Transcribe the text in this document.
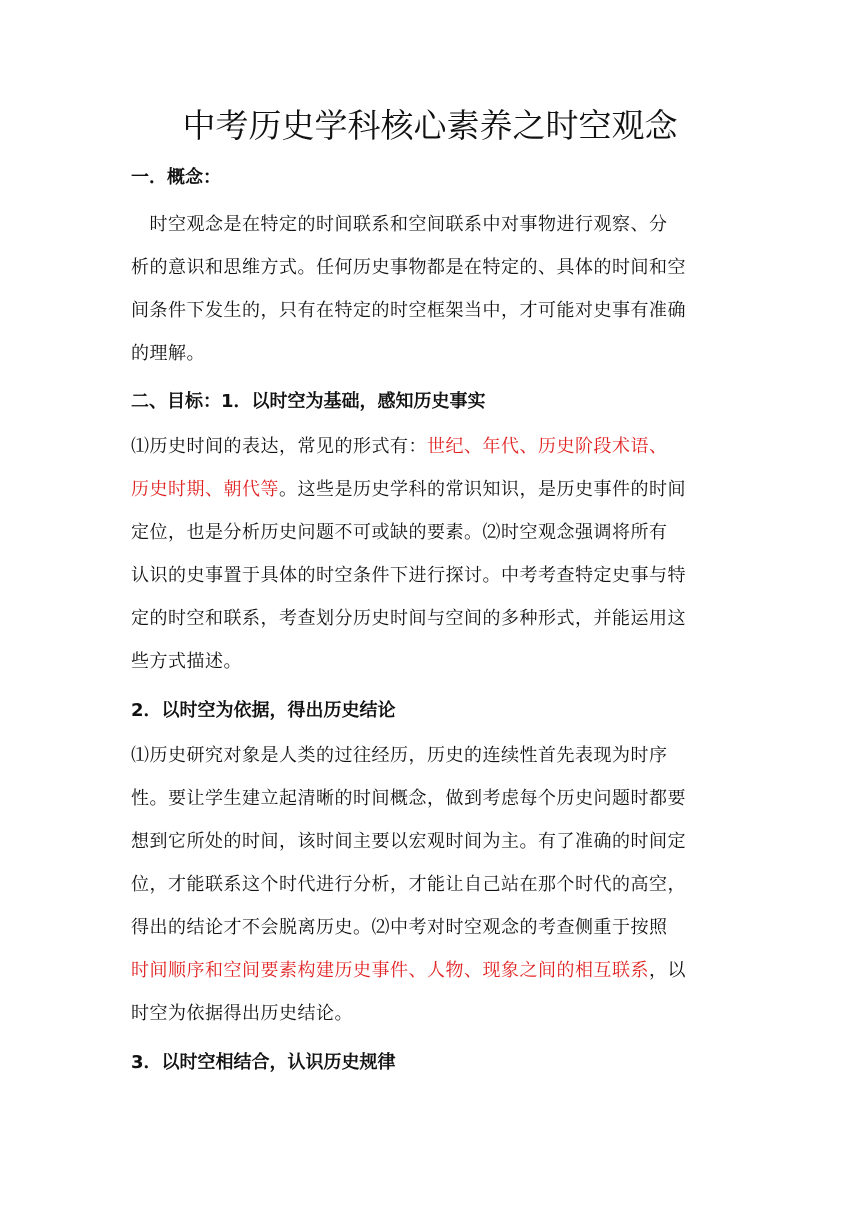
中考历史学科核心素养之时空观念
一．概念：
　时空观念是在特定的时间联系和空间联系中对事物进行观察、分
析的意识和思维方式。任何历史事物都是在特定的、具体的时间和空
间条件下发生的，只有在特定的时空框架当中，才可能对史事有准确
的理解。
二、目标：1．以时空为基础，感知历史事实
⑴历史时间的表达，常见的形式有：世纪、年代、历史阶段术语、
历史时期、朝代等。这些是历史学科的常识知识，是历史事件的时间
定位，也是分析历史问题不可或缺的要素。⑵时空观念强调将所有
认识的史事置于具体的时空条件下进行探讨。中考考查特定史事与特
定的时空和联系，考查划分历史时间与空间的多种形式，并能运用这
些方式描述。
2．以时空为依据，得出历史结论
⑴历史研究对象是人类的过往经历，历史的连续性首先表现为时序
性。要让学生建立起清晰的时间概念，做到考虑每个历史问题时都要
想到它所处的时间，该时间主要以宏观时间为主。有了准确的时间定
位，才能联系这个时代进行分析，才能让自己站在那个时代的高空，
得出的结论才不会脱离历史。⑵中考对时空观念的考查侧重于按照
时间顺序和空间要素构建历史事件、人物、现象之间的相互联系，以
时空为依据得出历史结论。
3．以时空相结合，认识历史规律
